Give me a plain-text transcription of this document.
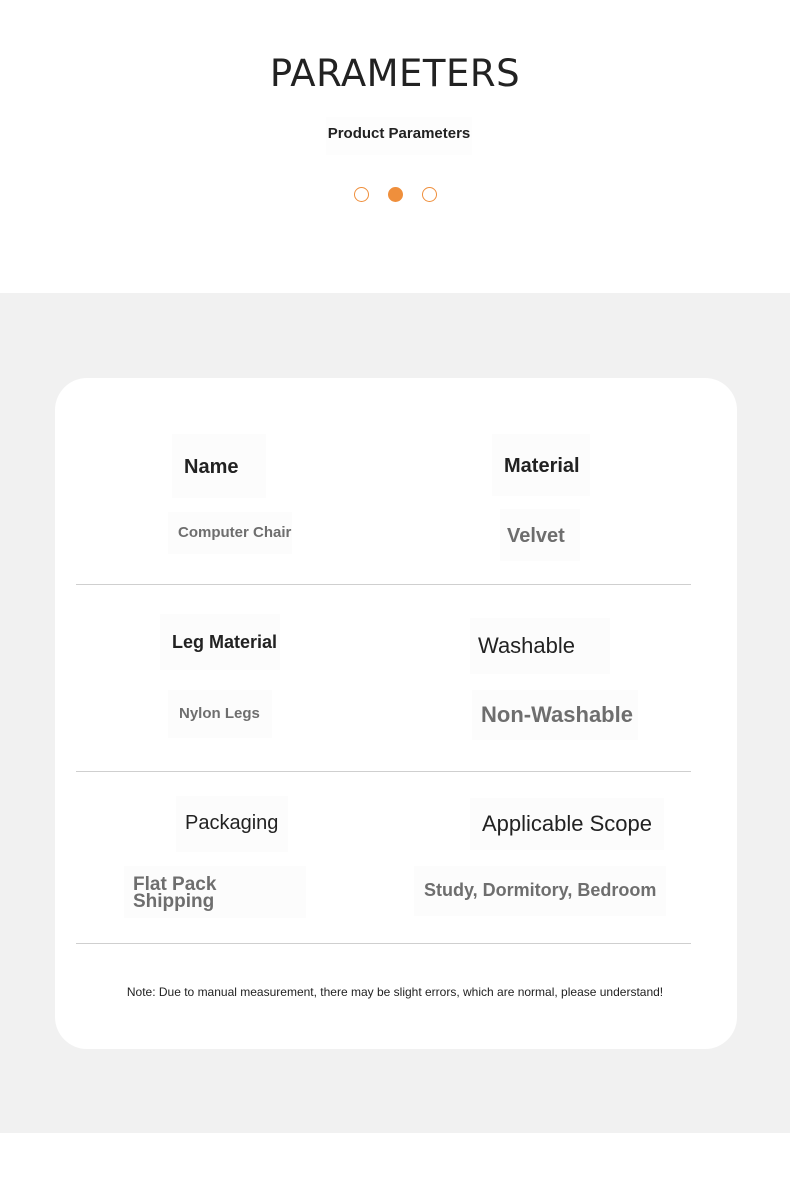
PARAMETERS
Product Parameters
Name
Computer Chair
Material
Velvet
Leg Material
Nylon Legs
Washable
Non-Washable
Packaging
Flat Pack
Shipping
Applicable Scope
Study, Dormitory, Bedroom
Note: Due to manual measurement, there may be slight errors, which are normal, please understand!
